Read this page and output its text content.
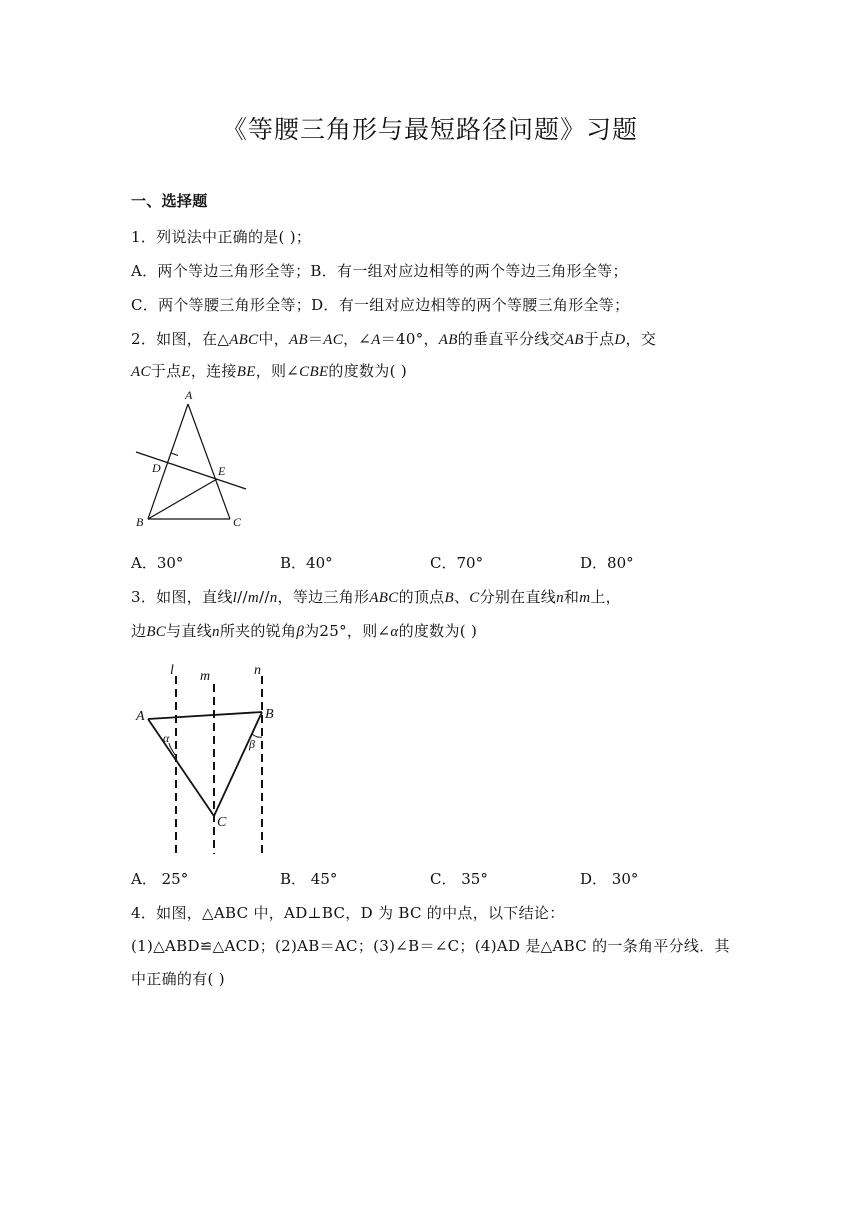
《等腰三角形与最短路径问题》习题
一、选择题
1．列说法中正确的是( )；
A．两个等边三角形全等；B．有一组对应边相等的两个等边三角形全等；
C．两个等腰三角形全等；D．有一组对应边相等的两个等腰三角形全等；
2．如图，在△ABC中，AB＝AC，∠A＝40°，AB的垂直平分线交AB于点D，交
AC于点E，连接BE，则∠CBE的度数为( )
A
B	C
D	E
A．30°	B．40°	C．70°	D．80°
3．如图，直线l//m//n，等边三角形ABC的顶点B、C分别在直线n和m上，
边BC与直线n所夹的锐角β为25°，则∠α的度数为( )
l m	n
A	B
C
α	β
A． 25°	B． 45°	C． 35°	D． 30°
4．如图，△ABC 中，AD⊥BC，D 为 BC 的中点，以下结论：
(1)△ABD≌△ACD；(2)AB＝AC；(3)∠B＝∠C；(4)AD 是△ABC 的一条角平分线．其
中正确的有( )
